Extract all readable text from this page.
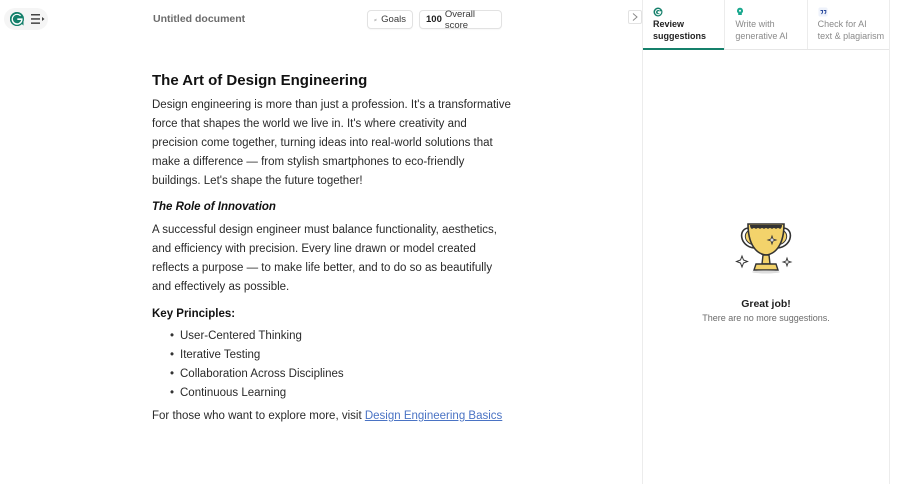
Untitled document	Goals 100 Overall score
The Art of Design Engineering

Design engineering is more than just a profession. It's a transformative force that shapes the world we live in. It's where creativity and precision come together, turning ideas into real-world solutions that make a difference — from stylish smartphones to eco-friendly buildings. Let's shape the future together!

The Role of Innovation

A successful design engineer must balance functionality, aesthetics, and efficiency with precision. Every line drawn or model created reflects a purpose — to make life better, and to do so as beautifully and effectively as possible.

Key Principles:
• User-Centered Thinking
• Iterative Testing
• Collaboration Across Disciplines
• Continuous Learning

For those who want to explore more, visit Design Engineering Basics

Review
suggestions
Write with
generative AI
Check for AI
text & plagiarism
Great job!
There are no more suggestions.
